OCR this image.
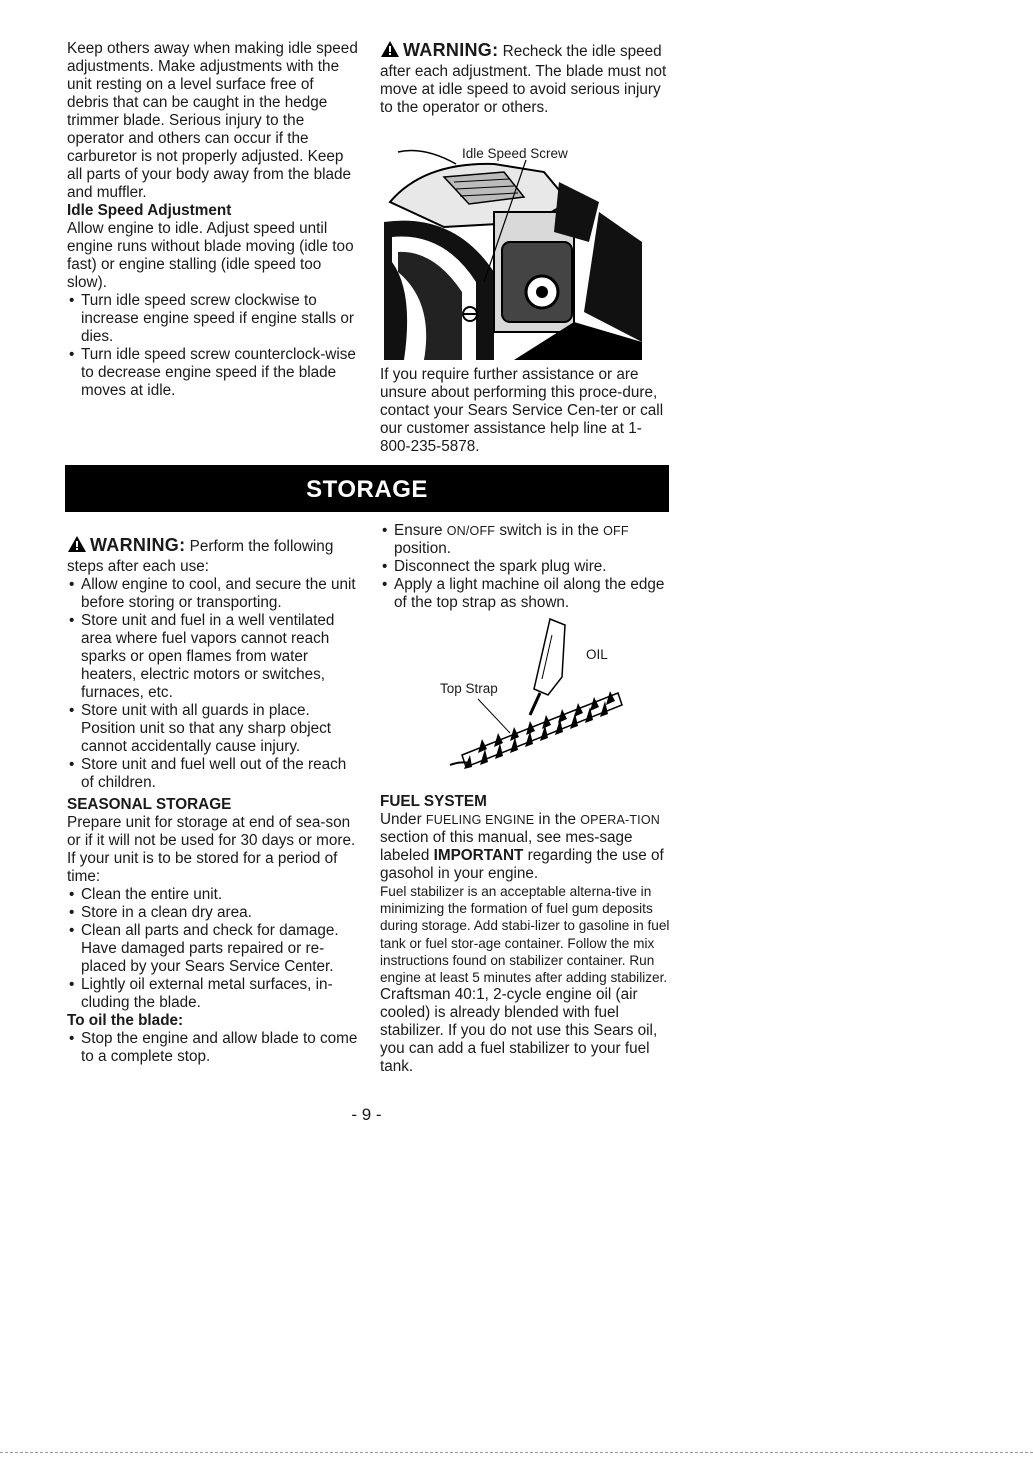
Keep others away when making idle speed adjustments. Make adjustments with the unit resting on a level surface free of debris that can be caught in the hedge trimmer blade. Serious injury to the operator and others can occur if the carburetor is not properly adjusted. Keep all parts of your body away from the blade and muffler.

Idle Speed Adjustment

Allow engine to idle. Adjust speed until engine runs without blade moving (idle too fast) or engine stalling (idle speed too slow).

• Turn idle speed screw clockwise to increase engine speed if engine stalls or dies.
• Turn idle speed screw counterclock-wise to decrease engine speed if the blade moves at idle.

WARNING: Recheck the idle speed after each adjustment. The blade must not move at idle speed to avoid serious injury to the operator or others.

Idle Speed Screw

If you require further assistance or are unsure about performing this proce-dure, contact your Sears Service Cen-ter or call our customer assistance help line at 1-800-235-5878.

STORAGE

WARNING: Perform the following steps after each use:

• Allow engine to cool, and secure the unit before storing or transporting.
• Store unit and fuel in a well ventilated area where fuel vapors cannot reach sparks or open flames from water heaters, electric motors or switches, furnaces, etc.
• Store unit with all guards in place. Position unit so that any sharp object cannot accidentally cause injury.
• Store unit and fuel well out of the reach of children.
SEASONAL STORAGE

Prepare unit for storage at end of sea-son or if it will not be used for 30 days or more.

If your unit is to be stored for a period of time:

• Clean the entire unit.
• Store in a clean dry area.
• Clean all parts and check for damage. Have damaged parts repaired or re-placed by your Sears Service Center.
• Lightly oil external metal surfaces, in-cluding the blade.
To oil the blade:
• Stop the engine and allow blade to come to a complete stop.
• Ensure ON/OFF switch is in the OFF position.
• Disconnect the spark plug wire.
• Apply a light machine oil along the edge of the top strap as shown.
OIL
Top Strap
FUEL SYSTEM

Under FUELING ENGINE in the OPERA-TION section of this manual, see mes-sage labeled IMPORTANT regarding the use of gasohol in your engine.

Fuel stabilizer is an acceptable alterna-tive in minimizing the formation of fuel gum deposits during storage. Add stabi-lizer to gasoline in fuel tank or fuel stor-age container. Follow the mix instructions found on stabilizer container. Run engine at least 5 minutes after adding stabilizer.

Craftsman 40:1, 2-cycle engine oil (air cooled) is already blended with fuel stabilizer. If you do not use this Sears oil, you can add a fuel stabilizer to your fuel tank.

- 9 -
